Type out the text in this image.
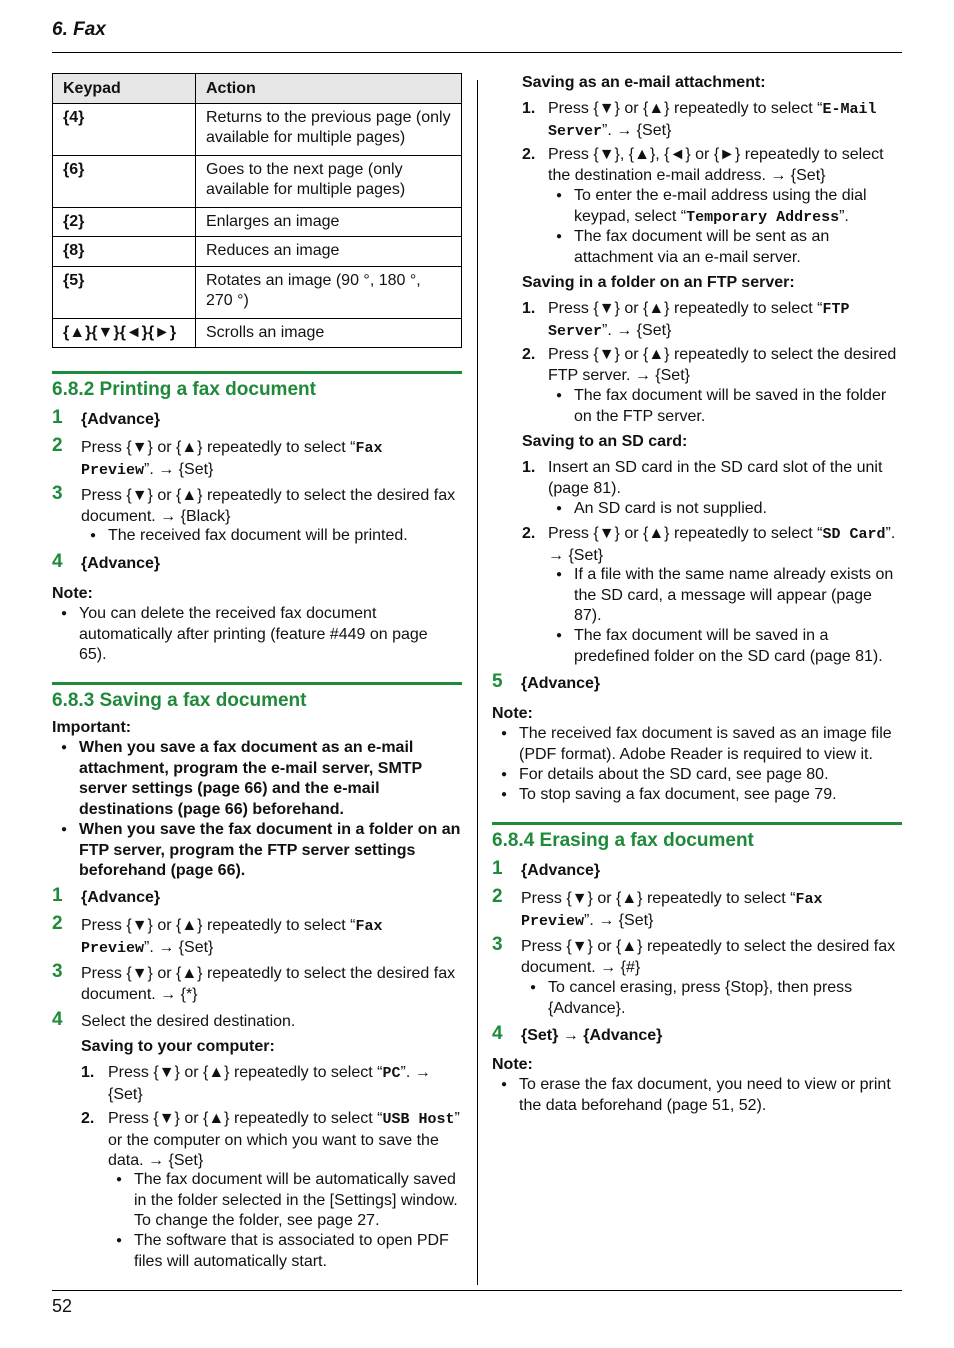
6. Fax
52
Keypad	Action
{4}	Returns to the previous page (only available for multiple pages)
{6}	Goes to the next page (only available for multiple pages)
{2}	Enlarges an image
{8}	Reduces an image
{5}	Rotates an image (90 °, 180 °, 270 °)
{▲}{▼}{◄}{►}	Scrolls an image
6.8.2 Printing a fax document
1 {Advance}
2 Press {▼} or {▲} repeatedly to select “Fax Preview”. → {Set}
3 Press {▼} or {▲} repeatedly to select the desired fax document. → {Black}
● The received fax document will be printed.
4 {Advance}
Note:
● You can delete the received fax document automatically after printing (feature #449 on page 65).
6.8.3 Saving a fax document
Important:
● When you save a fax document as an e-mail attachment, program the e-mail server, SMTP server settings (page 66) and the e-mail destinations (page 66) beforehand.
● When you save the fax document in a folder on an FTP server, program the FTP server settings beforehand (page 66).
1 {Advance}
2 Press {▼} or {▲} repeatedly to select “Fax Preview”. → {Set}
3 Press {▼} or {▲} repeatedly to select the desired fax document. → {*}
4 Select the desired destination.
Saving to your computer:
1. Press {▼} or {▲} repeatedly to select “PC”. → {Set}
2. Press {▼} or {▲} repeatedly to select “USB Host” or the computer on which you want to save the data. → {Set}
● The fax document will be automatically saved in the folder selected in the [Settings] window. To change the folder, see page 27.
● The software that is associated to open PDF files will automatically start.
Saving as an e-mail attachment:
1. Press {▼} or {▲} repeatedly to select “E-Mail Server”. → {Set}
2. Press {▼}, {▲}, {◄} or {►} repeatedly to select the destination e-mail address. → {Set}
● To enter the e-mail address using the dial keypad, select “Temporary Address”.
● The fax document will be sent as an attachment via an e-mail server.
Saving in a folder on an FTP server:
1. Press {▼} or {▲} repeatedly to select “FTP Server”. → {Set}
2. Press {▼} or {▲} repeatedly to select the desired FTP server. → {Set}
● The fax document will be saved in the folder on the FTP server.
Saving to an SD card:
1. Insert an SD card in the SD card slot of the unit (page 81).
● An SD card is not supplied.
2. Press {▼} or {▲} repeatedly to select “SD Card”. → {Set}
● If a file with the same name already exists on the SD card, a message will appear (page 87).
● The fax document will be saved in a predefined folder on the SD card (page 81).
5 {Advance}
Note:
● The received fax document is saved as an image file (PDF format). Adobe Reader is required to view it.
● For details about the SD card, see page 80.
● To stop saving a fax document, see page 79.
6.8.4 Erasing a fax document
1 {Advance}
2 Press {▼} or {▲} repeatedly to select “Fax Preview”. → {Set}
3 Press {▼} or {▲} repeatedly to select the desired fax document. → {#}
● To cancel erasing, press {Stop}, then press {Advance}.
4 {Set} → {Advance}
Note:
● To erase the fax document, you need to view or print the data beforehand (page 51, 52).
